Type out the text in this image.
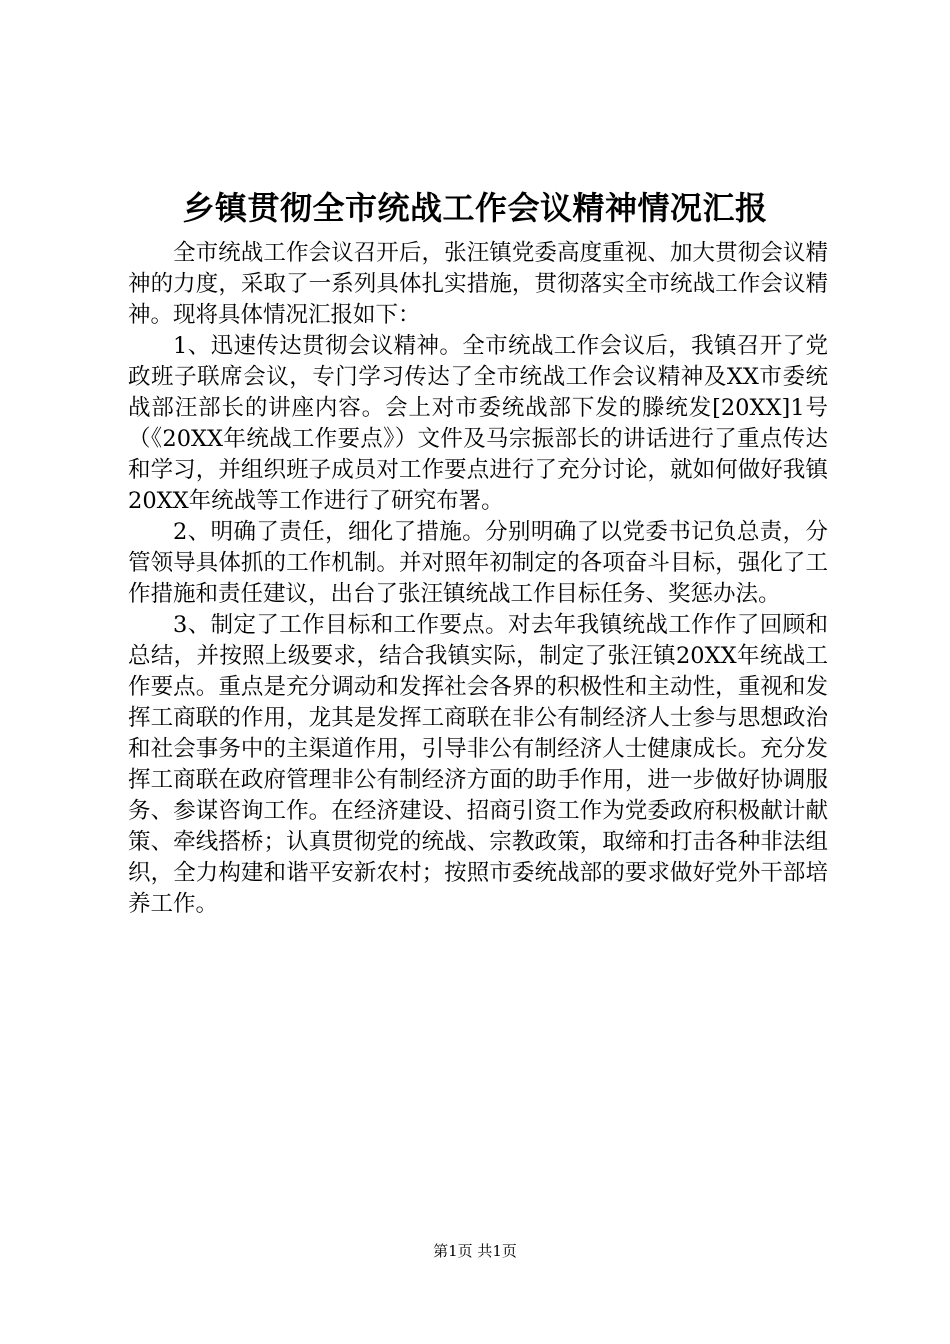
乡镇贯彻全市统战工作会议精神情况汇报

全市统战工作会议召开后，张汪镇党委高度重视、加大贯彻会议精神的力度，采取了一系列具体扎实措施，贯彻落实全市统战工作会议精神。现将具体情况汇报如下：

1、迅速传达贯彻会议精神。全市统战工作会议后，我镇召开了党政班子联席会议，专门学习传达了全市统战工作会议精神及XX市委统战部汪部长的讲座内容。会上对市委统战部下发的滕统发[20XX]1号（《20XX年统战工作要点》）文件及马宗振部长的讲话进行了重点传达和学习，并组织班子成员对工作要点进行了充分讨论，就如何做好我镇20XX年统战等工作进行了研究布署。

2、明确了责任，细化了措施。分别明确了以党委书记负总责，分管领导具体抓的工作机制。并对照年初制定的各项奋斗目标，强化了工作措施和责任建议，出台了张汪镇统战工作目标任务、奖惩办法。

3、制定了工作目标和工作要点。对去年我镇统战工作作了回顾和总结，并按照上级要求，结合我镇实际，制定了张汪镇20XX年统战工作要点。重点是充分调动和发挥社会各界的积极性和主动性，重视和发挥工商联的作用，龙其是发挥工商联在非公有制经济人士参与思想政治和社会事务中的主渠道作用，引导非公有制经济人士健康成长。充分发挥工商联在政府管理非公有制经济方面的助手作用，进一步做好协调服务、参谋咨询工作。在经济建设、招商引资工作为党委政府积极献计献策、牵线搭桥；认真贯彻党的统战、宗教政策，取缔和打击各种非法组织，全力构建和谐平安新农村；按照市委统战部的要求做好党外干部培养工作。

第1页 共1页
